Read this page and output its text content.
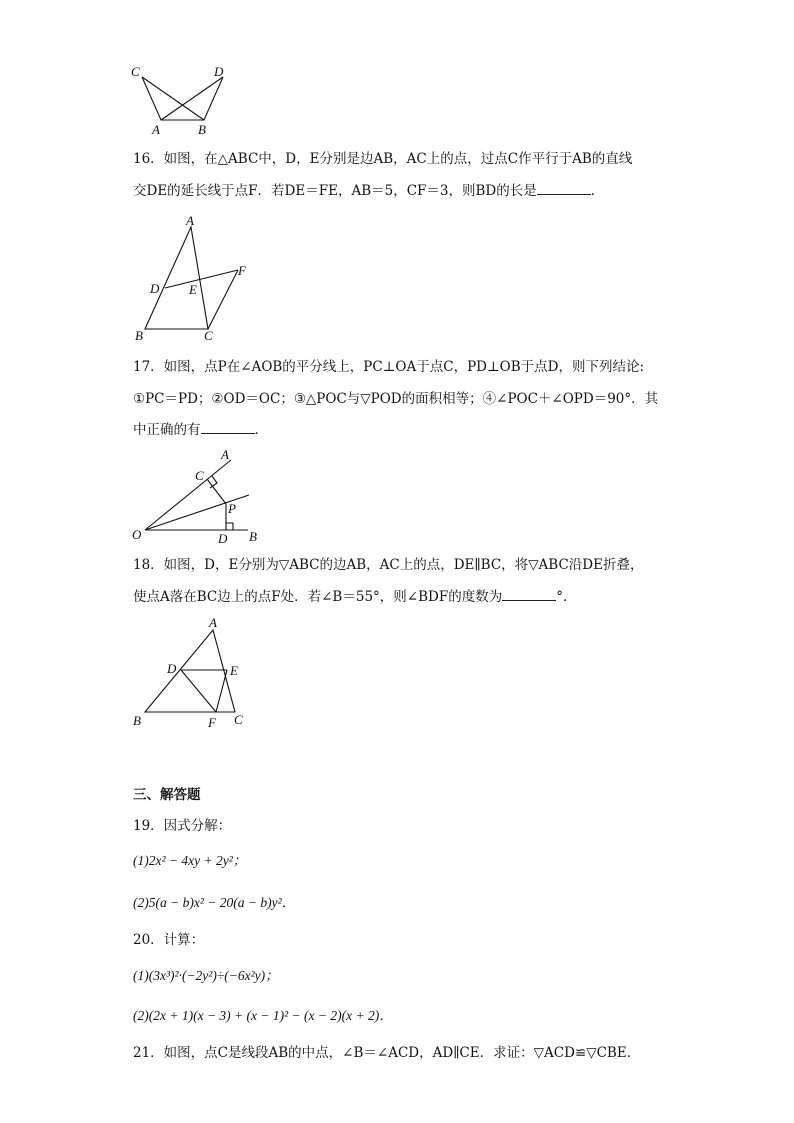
C	D
A	B
16．如图，在△ABC中，D，E分别是边AB，AC上的点，过点C作平行于AB的直线
交DE的延长线于点F．若DE＝FE，AB＝5，CF＝3，则BD的长是	．
A
D E
F
B	C
17．如图，点P在∠AOB的平分线上，PC⊥OA于点C，PD⊥OB于点D，则下列结论:
①PC＝PD；②OD＝OC；③△POC与▽POD的面积相等；④∠POC＋∠OPD＝90°．其
中正确的有	．
A
C
P
O	D B
18．如图，D，E分别为▽ABC的边AB，AC上的点，DE∥BC，将▽ABC沿DE折叠，
使点A落在BC边上的点F处．若∠B＝55°，则∠BDF的度数为	°．
A
D	E
B	F C
三、解答题
19．因式分解：
(1)2x² − 4xy + 2y²；
(2)5(a − b)x² − 20(a − b)y²．
20．计算：
(1)(3x³)²·(−2y²)÷(−6x²y)；
(2)(2x + 1)(x − 3) + (x − 1)² − (x − 2)(x + 2)．
21．如图，点C是线段AB的中点，∠B＝∠ACD，AD∥CE．求证：▽ACD≌▽CBE．
